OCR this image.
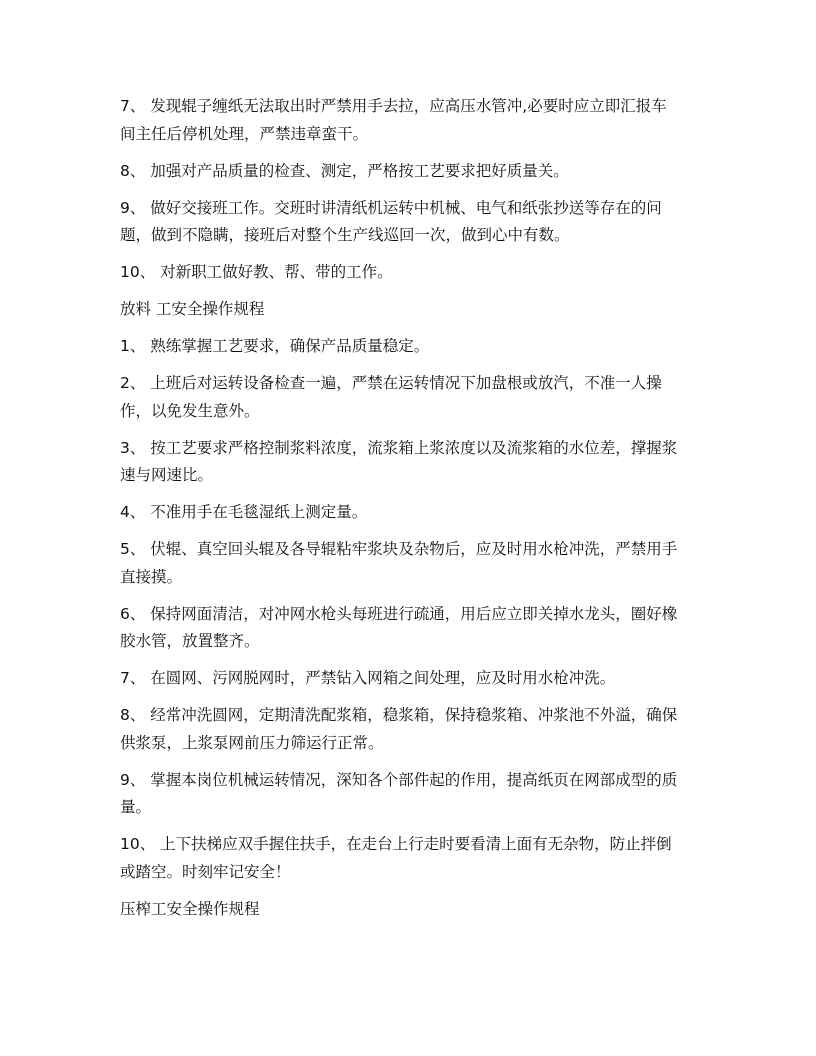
7、 发现辊子缠纸无法取出时严禁用手去拉，应高压水管冲,必要时应立即汇报车
间主任后停机处理，严禁违章蛮干。

8、 加强对产品质量的检查、测定，严格按工艺要求把好质量关。

9、 做好交接班工作。交班时讲清纸机运转中机械、电气和纸张抄送等存在的问
题，做到不隐瞒，接班后对整个生产线巡回一次，做到心中有数。

10、 对新职工做好教、帮、带的工作。

放料 工安全操作规程

1、 熟练掌握工艺要求，确保产品质量稳定。

2、 上班后对运转设备检查一遍，严禁在运转情况下加盘根或放汽，不准一人操
作，以免发生意外。

3、 按工艺要求严格控制浆料浓度，流浆箱上浆浓度以及流浆箱的水位差，撑握浆
速与网速比。

4、 不准用手在毛毯湿纸上测定量。

5、 伏辊、真空回头辊及各导辊粘牢浆块及杂物后，应及时用水枪冲洗，严禁用手
直接摸。

6、 保持网面清洁，对冲网水枪头每班进行疏通，用后应立即关掉水龙头，圈好橡
胶水管，放置整齐。

7、 在圆网、污网脱网时，严禁钻入网箱之间处理，应及时用水枪冲洗。

8、 经常冲洗圆网，定期清洗配浆箱，稳浆箱，保持稳浆箱、冲浆池不外溢，确保
供浆泵，上浆泵网前压力筛运行正常。

9、 掌握本岗位机械运转情况，深知各个部件起的作用，提高纸页在网部成型的质
量。

10、 上下扶梯应双手握住扶手，在走台上行走时要看清上面有无杂物，防止拌倒
或踏空。时刻牢记安全！

压榨工安全操作规程
